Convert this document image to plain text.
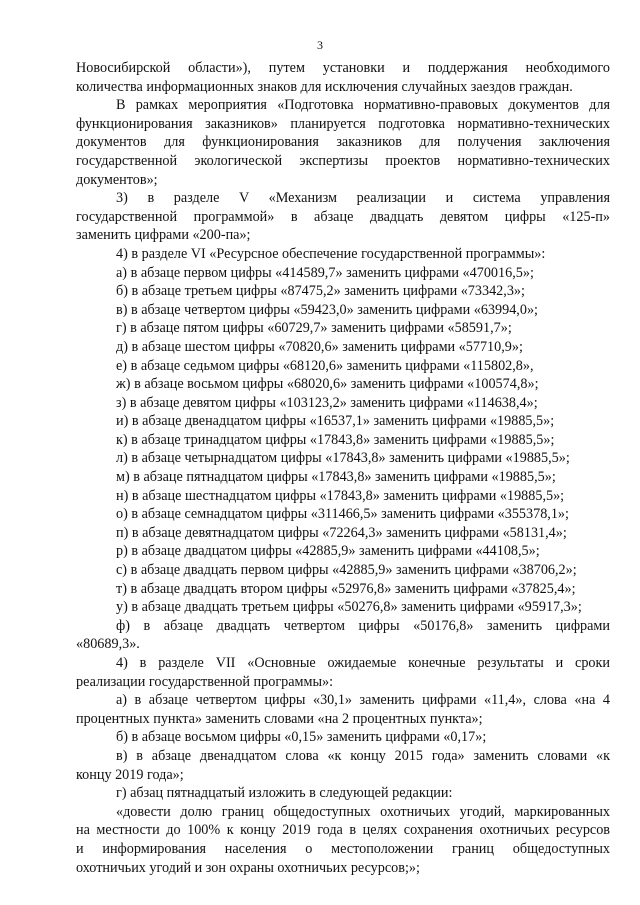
3

Новосибирской области»), путем установки и поддержания необходимого

количества информационных знаков для исключения случайных заездов граждан.

В рамках мероприятия «Подготовка нормативно-правовых документов для

функционирования заказников» планируется подготовка нормативно-технических

документов для функционирования заказников для получения заключения

государственной экологической экспертизы проектов нормативно-технических

документов»;

3) в разделе V «Механизм реализации и система управления

государственной программой» в абзаце двадцать девятом цифры «125-п»

заменить цифрами «200-па»;

4) в разделе VI «Ресурсное обеспечение государственной программы»:

а) в абзаце первом цифры «414589,7» заменить цифрами «470016,5»;

б) в абзаце третьем цифры «87475,2» заменить цифрами «73342,3»;

в) в абзаце четвертом цифры «59423,0» заменить цифрами «63994,0»;

г) в абзаце пятом цифры «60729,7» заменить цифрами «58591,7»;

д) в абзаце шестом цифры «70820,6» заменить цифрами «57710,9»;

е) в абзаце седьмом цифры «68120,6» заменить цифрами «115802,8»,

ж) в абзаце восьмом цифры «68020,6» заменить цифрами «100574,8»;

з) в абзаце девятом цифры «103123,2» заменить цифрами «114638,4»;

и) в абзаце двенадцатом цифры «16537,1» заменить цифрами «19885,5»;

к) в абзаце тринадцатом цифры «17843,8» заменить цифрами «19885,5»;

л) в абзаце четырнадцатом цифры «17843,8» заменить цифрами «19885,5»;

м) в абзаце пятнадцатом цифры «17843,8» заменить цифрами «19885,5»;

н) в абзаце шестнадцатом цифры «17843,8» заменить цифрами «19885,5»;

о) в абзаце семнадцатом цифры «311466,5» заменить цифрами «355378,1»;

п) в абзаце девятнадцатом цифры «72264,3» заменить цифрами «58131,4»;

р) в абзаце двадцатом цифры «42885,9» заменить цифрами «44108,5»;

с) в абзаце двадцать первом цифры «42885,9» заменить цифрами «38706,2»;

т) в абзаце двадцать втором цифры «52976,8» заменить цифрами «37825,4»;

у) в абзаце двадцать третьем цифры «50276,8» заменить цифрами «95917,3»;

ф) в абзаце двадцать четвертом цифры «50176,8» заменить цифрами

«80689,3».

4) в разделе VII «Основные ожидаемые конечные результаты и сроки

реализации государственной программы»:

а) в абзаце четвертом цифры «30,1» заменить цифрами «11,4», слова «на 4

процентных пункта» заменить словами «на 2 процентных пункта»;

б) в абзаце восьмом цифры «0,15» заменить цифрами «0,17»;

в) в абзаце двенадцатом слова «к концу 2015 года» заменить словами «к

концу 2019 года»;

г) абзац пятнадцатый изложить в следующей редакции:

«довести долю границ общедоступных охотничьих угодий, маркированных

на местности до 100% к концу 2019 года в целях сохранения охотничьих ресурсов

и информирования населения о местоположении границ общедоступных

охотничьих угодий и зон охраны охотничьих ресурсов;»;
